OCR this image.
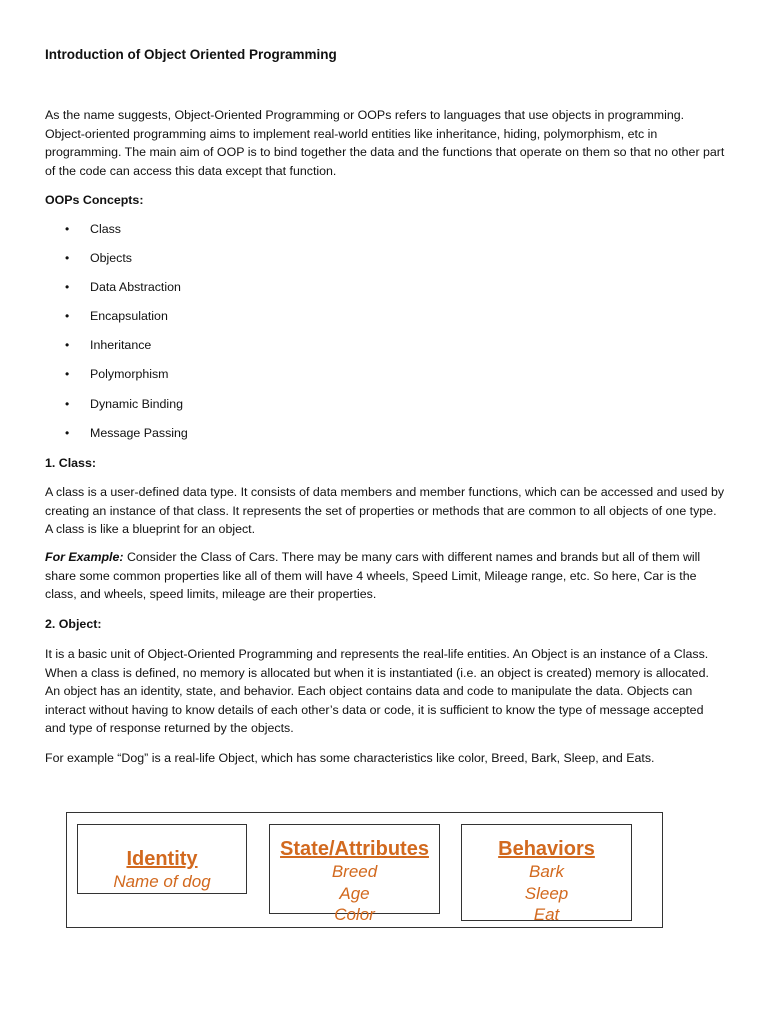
Introduction of Object Oriented Programming

As the name suggests, Object-Oriented Programming or OOPs refers to languages that use objects in programming. Object-oriented programming aims to implement real-world entities like inheritance, hiding, polymorphism, etc in programming. The main aim of OOP is to bind together the data and the functions that operate on them so that no other part of the code can access this data except that function.

OOPs Concepts:
• Class
• Objects
• Data Abstraction
• Encapsulation
• Inheritance
• Polymorphism
• Dynamic Binding
• Message Passing
1. Class:

A class is a user-defined data type. It consists of data members and member functions, which can be accessed and used by creating an instance of that class. It represents the set of properties or methods that are common to all objects of one type. A class is like a blueprint for an object.

For Example: Consider the Class of Cars. There may be many cars with different names and brands but all of them will share some common properties like all of them will have 4 wheels, Speed Limit, Mileage range, etc. So here, Car is the class, and wheels, speed limits, mileage are their properties.

2. Object:

It is a basic unit of Object-Oriented Programming and represents the real-life entities. An Object is an instance of a Class. When a class is defined, no memory is allocated but when it is instantiated (i.e. an object is created) memory is allocated. An object has an identity, state, and behavior. Each object contains data and code to manipulate the data. Objects can interact without having to know details of each other’s data or code, it is sufficient to know the type of message accepted and type of response returned by the objects.

For example “Dog” is a real-life Object, which has some characteristics like color, Breed, Bark, Sleep, and Eats.

Identity
Name of dog
State/Attributes
Breed
Age
Color
Behaviors
Bark
Sleep
Eat
